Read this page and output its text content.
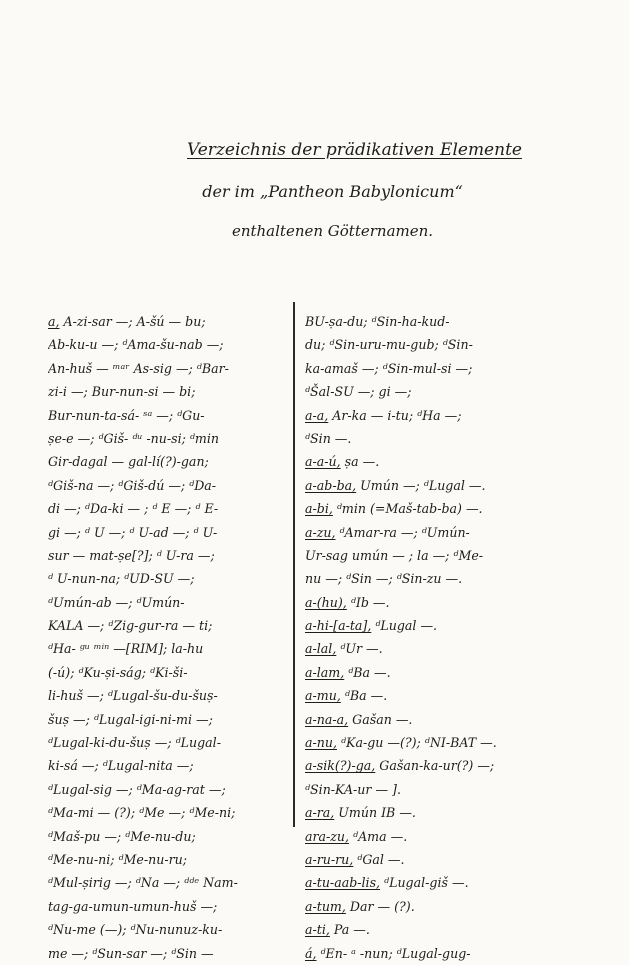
Verzeichnis der prädikativen Elemente
der im „Pantheon Babylonicum“
enthaltenen Götternamen.
a, A-zi-sar —; A-šú — bu;
Ab-ku-u —; ᵈAma-šu-nab —;
An-huš — ᵐᵃʳ As-sig —; ᵈBar-
zi-i —; Bur-nun-si — bi;
Bur-nun-ta-sá- ˢᵃ —; ᵈGu-
ṣe-e —; ᵈGiš- ᵈᵘ -nu-si; ᵈmin
Gir-dagal — gal-lí(?)-gan;
ᵈGiš-na —; ᵈGiš-dú —; ᵈDa-
di —; ᵈDa-ki — ; ᵈ E —; ᵈ E-
gi —; ᵈ U —; ᵈ U-ad —; ᵈ U-
sur — mat-ṣe[?]; ᵈ U-ra —;
ᵈ U-nun-na; ᵈUD-SU —;
ᵈUmún-ab —; ᵈUmún-
KALA —; ᵈZig-gur-ra — ti;
ᵈHa- ᵍᵘ ᵐⁱⁿ —[RIM]; la-hu
(-ú); ᵈKu-ṣi-ság; ᵈKi-ši-
li-huš —; ᵈLugal-šu-du-šuṣ-
šuṣ —; ᵈLugal-igi-ni-mi —;
ᵈLugal-ki-du-šuṣ —; ᵈLugal-
ki-sá —; ᵈLugal-nita —;
ᵈLugal-sig —; ᵈMa-ag-rat —;
ᵈMa-mi — (?); ᵈMe —; ᵈMe-ni;
ᵈMaš-pu —; ᵈMe-nu-du;
ᵈMe-nu-ni; ᵈMe-nu-ru;
ᵈMul-ṣirig —; ᵈNa —; ᵈᵈᵉ Nam-
tag-ga-umun-umun-huš —;
ᵈNu-me (—); ᵈNu-nunuz-ku-
me —; ᵈSun-sar —; ᵈSin —
BU-ṣa-du; ᵈSin-ha-kud-
du; ᵈSin-uru-mu-gub; ᵈSin-
ka-amaš —; ᵈSin-mul-si —;
ᵈŠal-SU —; gi —;
a-a, Ar-ka — i-tu; ᵈHa —;
ᵈSin —.
a-a-ú, ṣa —.
a-ab-ba, Umún —; ᵈLugal —.
a-bi, ᵈmin (=Maš-tab-ba) —.
a-zu, ᵈAmar-ra —; ᵈUmún-
Ur-sag umún — ; la —; ᵈMe-
nu —; ᵈSin —; ᵈSin-zu —.
a-(hu), ᵈIb —.
a-hi-[a-ta], ᵈLugal —.
a-lal, ᵈUr —.
a-lam, ᵈBa —.
a-mu, ᵈBa —.
a-na-a, Gašan —.
a-nu, ᵈKa-gu —(?); ᵈNI-BAT —.
a-sik(?)-ga, Gašan-ka-ur(?) —;
ᵈSin-KA-ur — ].
a-ra, Umún IB —.
ara-zu, ᵈAma —.
a-ru-ru, ᵈGal —.
a-tu-aab-lis, ᵈLugal-giš —.
a-tum, Dar — (?).
a-ti, Pa —.
á, ᵈEn- ᵃ -nun; ᵈLugal-gug-
